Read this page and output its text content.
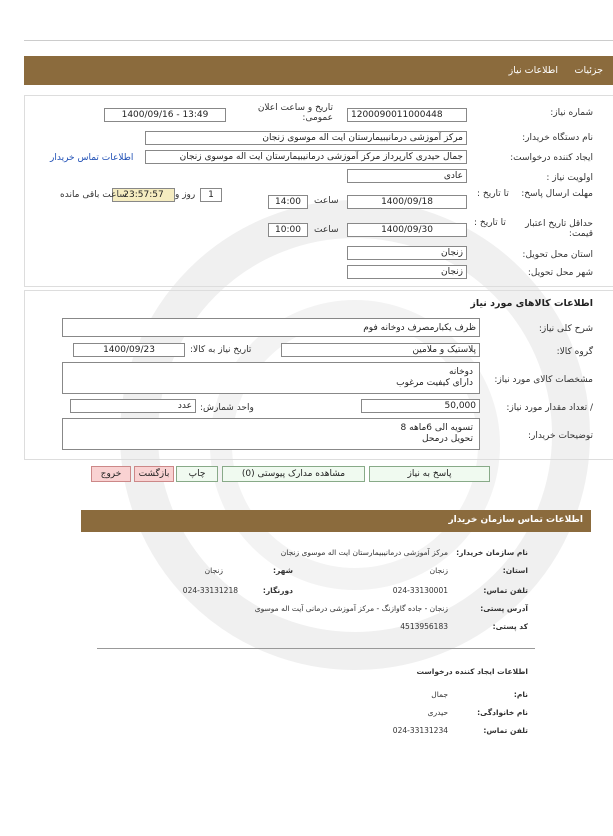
جزئیات
اطلاعات نیاز
شماره نیاز:
1200090011000448
تاریخ و ساعت اعلان عمومی:
1400/09/16 - 13:49
نام دستگاه خریدار:
مرکز آموزشی درمانیبیمارستان ایت اله موسوی زنجان
ایجاد کننده درخواست:
جمال حیدری کارپرداز مرکز آموزشی درمانیبیمارستان ایت اله موسوی زنجان
اطلاعات تماس خریدار
اولویت نیاز :
عادی
مهلت ارسال پاسخ:
تا تاریخ :
1400/09/18
ساعت
14:00
1
روز و
23:57:57
ساعت باقی مانده
حداقل تاریخ اعتبار قیمت:
تا تاریخ :
1400/09/30
ساعت
10:00
استان محل تحویل:
زنجان
شهر محل تحویل:
زنجان
اطلاعات کالاهای مورد نیاز
شرح کلی نیاز:
ظرف یکبارمصرف دوخانه فوم
گروه کالا:
پلاستیک و ملامین
تاریخ نیاز به کالا:
1400/09/23
مشخصات کالای مورد نیاز:
دوخانه
دارای کیفیت مرغوب
/ تعداد مقدار مورد نیاز:
50,000
واحد شمارش:
عدد
توضیحات خریدار:
تسویه الی 6ماهه 8
تحویل درمحل
پاسخ به نیاز
مشاهده مدارک پیوستی (0)
چاپ
بازگشت
خروج
اطلاعات تماس سازمان خریدار
نام سازمان خریدار:
مرکز آموزشی درمانیبیمارستان ایت اله موسوی زنجان
استان:
زنجان
شهر:
زنجان
تلفن تماس:
024-33130001
دورنگار:
024-33131218
آدرس پستی:
زنجان - جاده گاوازنگ - مرکز آموزشی درمانی آیت اله موسوی
کد پستی:
4513956183
اطلاعات ایجاد کننده درخواست
نام:
جمال
نام خانوادگی:
حیدری
تلفن تماس:
024-33131234
